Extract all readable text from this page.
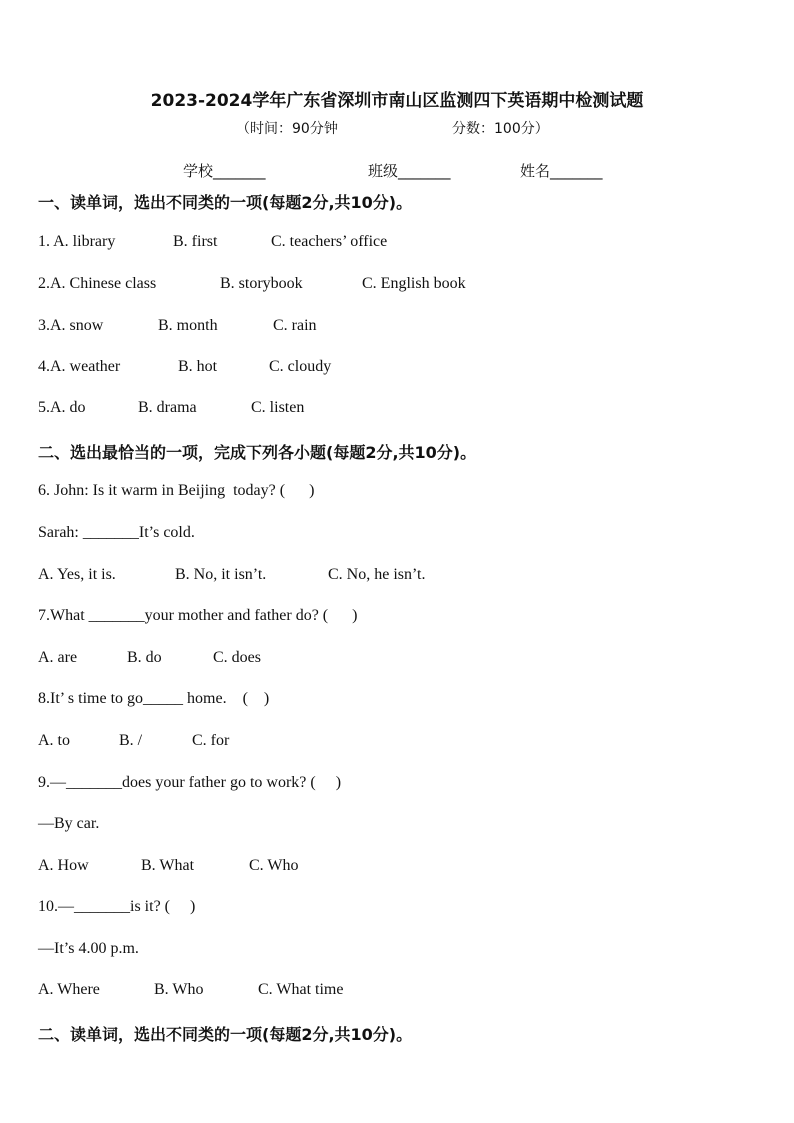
2023-2024学年广东省深圳市南山区监测四下英语期中检测试题
（时间：90分钟	分数：100分）
学校_______	班级_______	姓名_______
一、读单词，选出不同类的一项(每题2分,共10分)。
1. A. library	B. first	C. teachers’ office
2.A. Chinese class	B. storybook	C. English book
3.A. snow	B. month	C. rain
4.A. weather	B. hot	C. cloudy
5.A. do	B. drama	C. listen
二、选出最恰当的一项，完成下列各小题(每题2分,共10分)。
6. John: Is it warm in Beijing  today? (      )
Sarah: _______It’s cold.
A. Yes, it is.	B. No, it isn’t.	C. No, he isn’t.
7.What _______your mother and father do? (      )
A. are	B. do	C. does
8.It’ s time to go_____ home.    (    )
A. to	B. /	C. for
9.—_______does your father go to work? (     )
—By car.
A. How	B. What	C. Who
10.—_______is it? (     )
—It’s 4.00 p.m.
A. Where	B. Who	C. What time
二、读单词，选出不同类的一项(每题2分,共10分)。
